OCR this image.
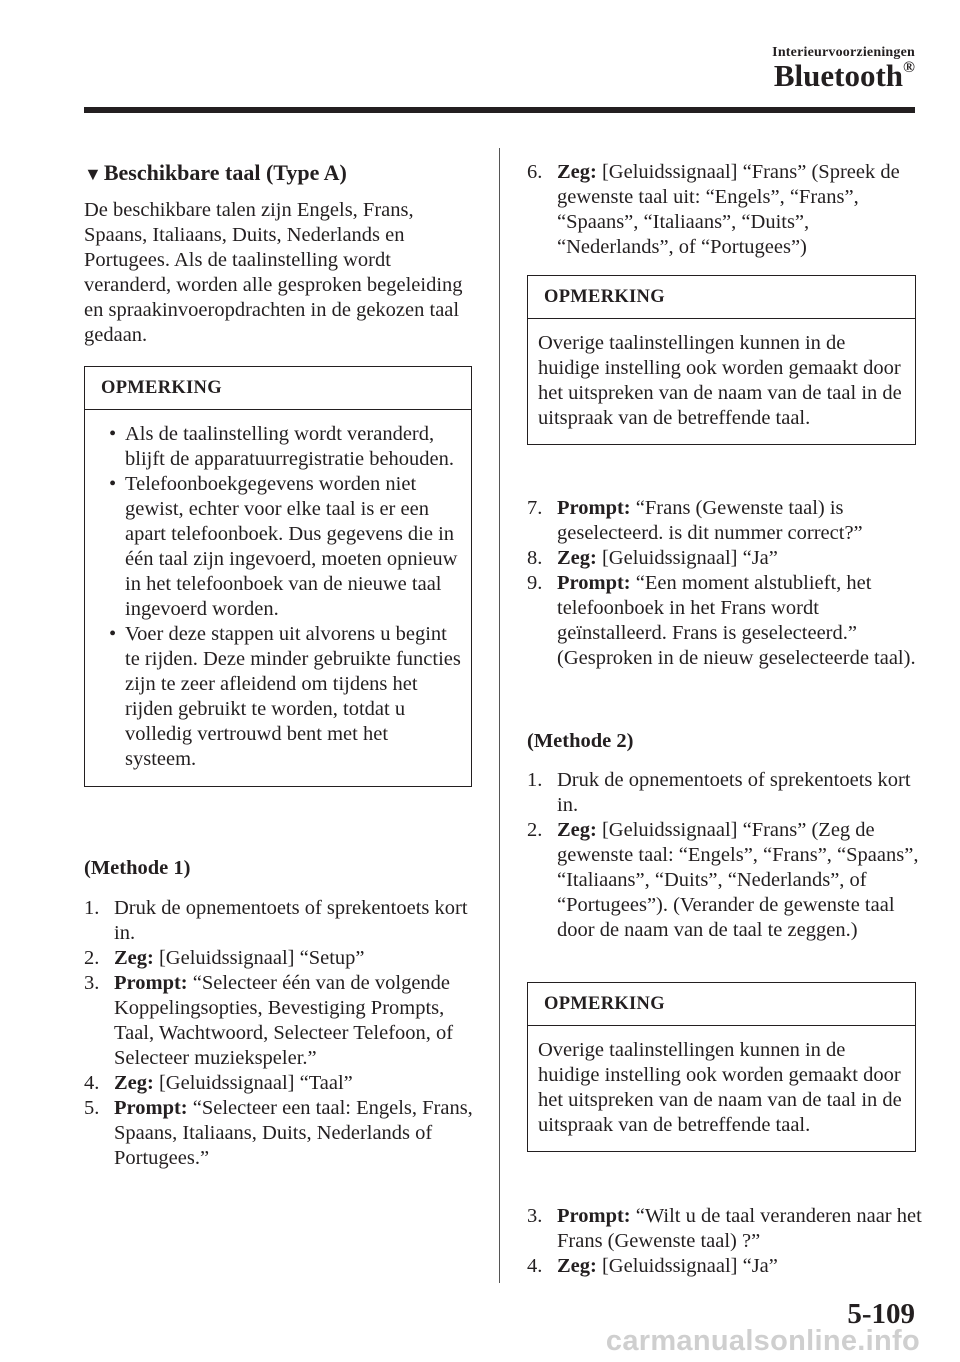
Interieurvoorzieningen
Bluetooth®
▼Beschikbare taal (Type A)

De beschikbare talen zijn Engels, Frans, Spaans, Italiaans, Duits, Nederlands en Portugees. Als de taalinstelling wordt veranderd, worden alle gesproken begeleiding en spraakinvoeropdrachten in de gekozen taal gedaan.

OPMERKING
• Als de taalinstelling wordt veranderd, blijft de apparatuurregistratie behouden.
• Telefoonboekgegevens worden niet gewist, echter voor elke taal is er een apart telefoonboek. Dus gegevens die in één taal zijn ingevoerd, moeten opnieuw in het telefoonboek van de nieuwe taal ingevoerd worden.
• Voer deze stappen uit alvorens u begint te rijden. Deze minder gebruikte functies zijn te zeer afleidend om tijdens het rijden gebruikt te worden, totdat u volledig vertrouwd bent met het systeem.
(Methode 1)
1. Druk de opnementoets of sprekentoets kort in.
2. Zeg: [Geluidssignaal] “Setup”
3. Prompt: “Selecteer één van de volgende Koppelingsopties, Bevestiging Prompts, Taal, Wachtwoord, Selecteer Telefoon, of Selecteer muziekspeler.”
4. Zeg: [Geluidssignaal] “Taal”
5. Prompt: “Selecteer een taal: Engels, Frans, Spaans, Italiaans, Duits, Nederlands of Portugees.”
6. Zeg: [Geluidssignaal] “Frans” (Spreek de gewenste taal uit: “Engels”, “Frans”, “Spaans”, “Italiaans”, “Duits”, “Nederlands”, of “Portugees”)
OPMERKING
Overige taalinstellingen kunnen in de huidige instelling ook worden gemaakt door het uitspreken van de naam van de taal in de uitspraak van de betreffende taal.
7. Prompt: “Frans (Gewenste taal) is geselecteerd. is dit nummer correct?”
8. Zeg: [Geluidssignaal] “Ja”
9. Prompt: “Een moment alstublieft, het telefoonboek in het Frans wordt geïnstalleerd. Frans is geselecteerd.” (Gesproken in de nieuw geselecteerde taal).
(Methode 2)
1. Druk de opnementoets of sprekentoets kort in.
2. Zeg: [Geluidssignaal] “Frans” (Zeg de gewenste taal: “Engels”, “Frans”, “Spaans”, “Italiaans”, “Duits”, “Nederlands”, of “Portugees”). (Verander de gewenste taal door de naam van de taal te zeggen.)
OPMERKING
Overige taalinstellingen kunnen in de huidige instelling ook worden gemaakt door het uitspreken van de naam van de taal in de uitspraak van de betreffende taal.
3. Prompt: “Wilt u de taal veranderen naar het Frans (Gewenste taal) ?”
4. Zeg: [Geluidssignaal] “Ja”
5-109
carmanualsonline.info
